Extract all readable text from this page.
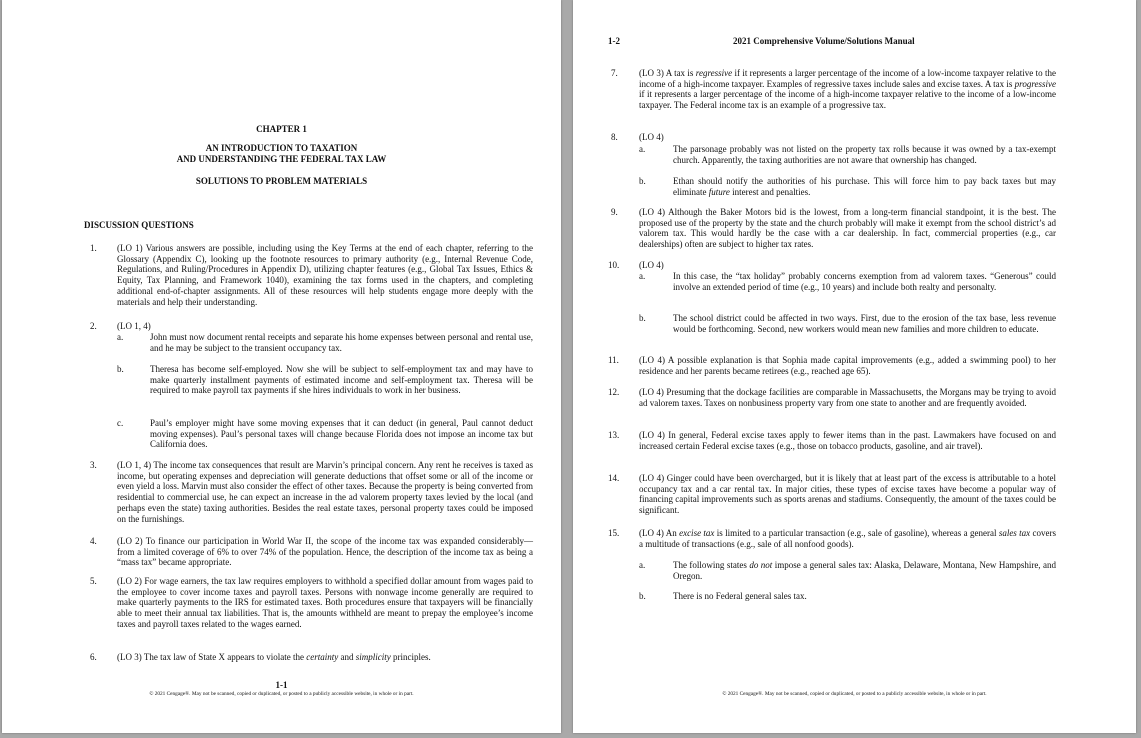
CHAPTER 1
AN INTRODUCTION TO TAXATION
AND UNDERSTANDING THE FEDERAL TAX LAW
SOLUTIONS TO PROBLEM MATERIALS
DISCUSSION QUESTIONS
1.	(LO 1) Various answers are possible, including using the Key Terms at the end of each chapter, referring to the Glossary (Appendix C), looking up the footnote resources to primary authority (e.g., Internal Revenue Code, Regulations, and Ruling/Procedures in Appendix D), utilizing chapter features (e.g., Global Tax Issues, Ethics & Equity, Tax Planning, and Framework 1040), examining the tax forms used in the chapters, and completing additional end-of-chapter assignments. All of these resources will help students engage more deeply with the materials and help their understanding.
2.	(LO 1, 4)
a.	John must now document rental receipts and separate his home expenses between personal and rental use, and he may be subject to the transient occupancy tax.
b.	Theresa has become self-employed. Now she will be subject to self-employment tax and may have to make quarterly installment payments of estimated income and self-employment tax. Theresa will be required to make payroll tax payments if she hires individuals to work in her business.
c.	Paul’s employer might have some moving expenses that it can deduct (in general, Paul cannot deduct moving expenses). Paul’s personal taxes will change because Florida does not impose an income tax but California does.
3.	(LO 1, 4) The income tax consequences that result are Marvin’s principal concern. Any rent he receives is taxed as income, but operating expenses and depreciation will generate deductions that offset some or all of the income or even yield a loss. Marvin must also consider the effect of other taxes. Because the property is being converted from residential to commercial use, he can expect an increase in the ad valorem property taxes levied by the local (and perhaps even the state) taxing authorities. Besides the real estate taxes, personal property taxes could be imposed on the furnishings.
4.	(LO 2) To finance our participation in World War II, the scope of the income tax was expanded considerably—from a limited coverage of 6% to over 74% of the population. Hence, the description of the income tax as being a “mass tax” became appropriate.
5.	(LO 2) For wage earners, the tax law requires employers to withhold a specified dollar amount from wages paid to the employee to cover income taxes and payroll taxes. Persons with nonwage income generally are required to make quarterly payments to the IRS for estimated taxes. Both procedures ensure that taxpayers will be financially able to meet their annual tax liabilities. That is, the amounts withheld are meant to prepay the employee’s income taxes and payroll taxes related to the wages earned.
6.	(LO 3) The tax law of State X appears to violate the certainty and simplicity principles.
1-1
© 2021 Cengage®. May not be scanned, copied or duplicated, or posted to a publicly accessible website, in whole or in part.
1-2	2021 Comprehensive Volume/Solutions Manual
7.	(LO 3) A tax is regressive if it represents a larger percentage of the income of a low-income taxpayer relative to the income of a high-income taxpayer. Examples of regressive taxes include sales and excise taxes. A tax is progressive if it represents a larger percentage of the income of a high-income taxpayer relative to the income of a low-income taxpayer. The Federal income tax is an example of a progressive tax.
8.	(LO 4)
a.	The parsonage probably was not listed on the property tax rolls because it was owned by a tax-exempt church. Apparently, the taxing authorities are not aware that ownership has changed.
b.	Ethan should notify the authorities of his purchase. This will force him to pay back taxes but may eliminate future interest and penalties.
9.	(LO 4) Although the Baker Motors bid is the lowest, from a long-term financial standpoint, it is the best. The proposed use of the property by the state and the church probably will make it exempt from the school district’s ad valorem tax. This would hardly be the case with a car dealership. In fact, commercial properties (e.g., car dealerships) often are subject to higher tax rates.
10.	(LO 4)
a.	In this case, the “tax holiday” probably concerns exemption from ad valorem taxes. “Generous” could involve an extended period of time (e.g., 10 years) and include both realty and personalty.
b.	The school district could be affected in two ways. First, due to the erosion of the tax base, less revenue would be forthcoming. Second, new workers would mean new families and more children to educate.
11.	(LO 4) A possible explanation is that Sophia made capital improvements (e.g., added a swimming pool) to her residence and her parents became retirees (e.g., reached age 65).
12.	(LO 4) Presuming that the dockage facilities are comparable in Massachusetts, the Morgans may be trying to avoid ad valorem taxes. Taxes on nonbusiness property vary from one state to another and are frequently avoided.
13.	(LO 4) In general, Federal excise taxes apply to fewer items than in the past. Lawmakers have focused on and increased certain Federal excise taxes (e.g., those on tobacco products, gasoline, and air travel).
14.	(LO 4) Ginger could have been overcharged, but it is likely that at least part of the excess is attributable to a hotel occupancy tax and a car rental tax. In major cities, these types of excise taxes have become a popular way of financing capital improvements such as sports arenas and stadiums. Consequently, the amount of the taxes could be significant.
15.	(LO 4) An excise tax is limited to a particular transaction (e.g., sale of gasoline), whereas a general sales tax covers a multitude of transactions (e.g., sale of all nonfood goods).
a.	The following states do not impose a general sales tax: Alaska, Delaware, Montana, New Hampshire, and Oregon.
b.	There is no Federal general sales tax.
© 2021 Cengage®. May not be scanned, copied or duplicated, or posted to a publicly accessible website, in whole or in part.
